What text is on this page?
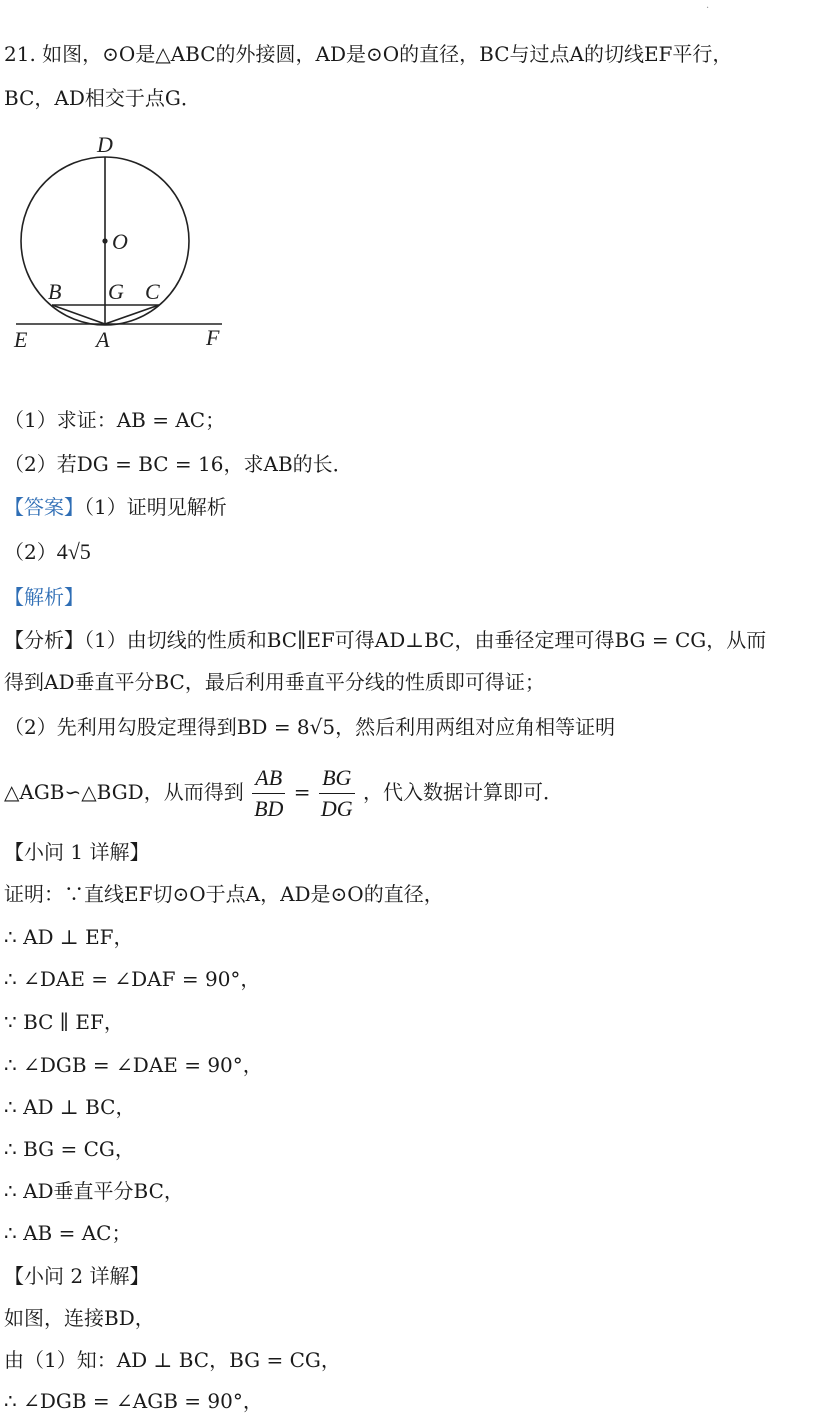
·
21. 如图，⊙O是△ABC的外接圆，AD是⊙O的直径，BC与过点A的切线EF平行，
BC，AD相交于点G．
D
O
B G C
E	A	F
（1）求证：AB = AC；
（2）若DG = BC = 16，求AB的长．
【答案】（1）证明见解析
（2）4√5
【解析】
【分析】（1）由切线的性质和BC∥EF可得AD⊥BC，由垂径定理可得BG = CG，从而
得到AD垂直平分BC，最后利用垂直平分线的性质即可得证；
（2）先利用勾股定理得到BD = 8√5，然后利用两组对应角相等证明
△AGB∽△BGD，从而得到 $\frac{AB}{BD} = \frac{BG}{DG}$ ，代入数据计算即可．
【小问 1 详解】
证明：∵直线EF切⊙O于点A，AD是⊙O的直径，
∴ AD ⊥ EF，
∴ ∠DAE = ∠DAF = 90°，
∵ BC ∥ EF，
∴ ∠DGB = ∠DAE = 90°，
∴ AD ⊥ BC，
∴ BG = CG，
∴ AD垂直平分BC，
∴ AB = AC；
【小问 2 详解】
如图，连接BD，
由（1）知：AD ⊥ BC，BG = CG，
∴ ∠DGB = ∠AGB = 90°，
